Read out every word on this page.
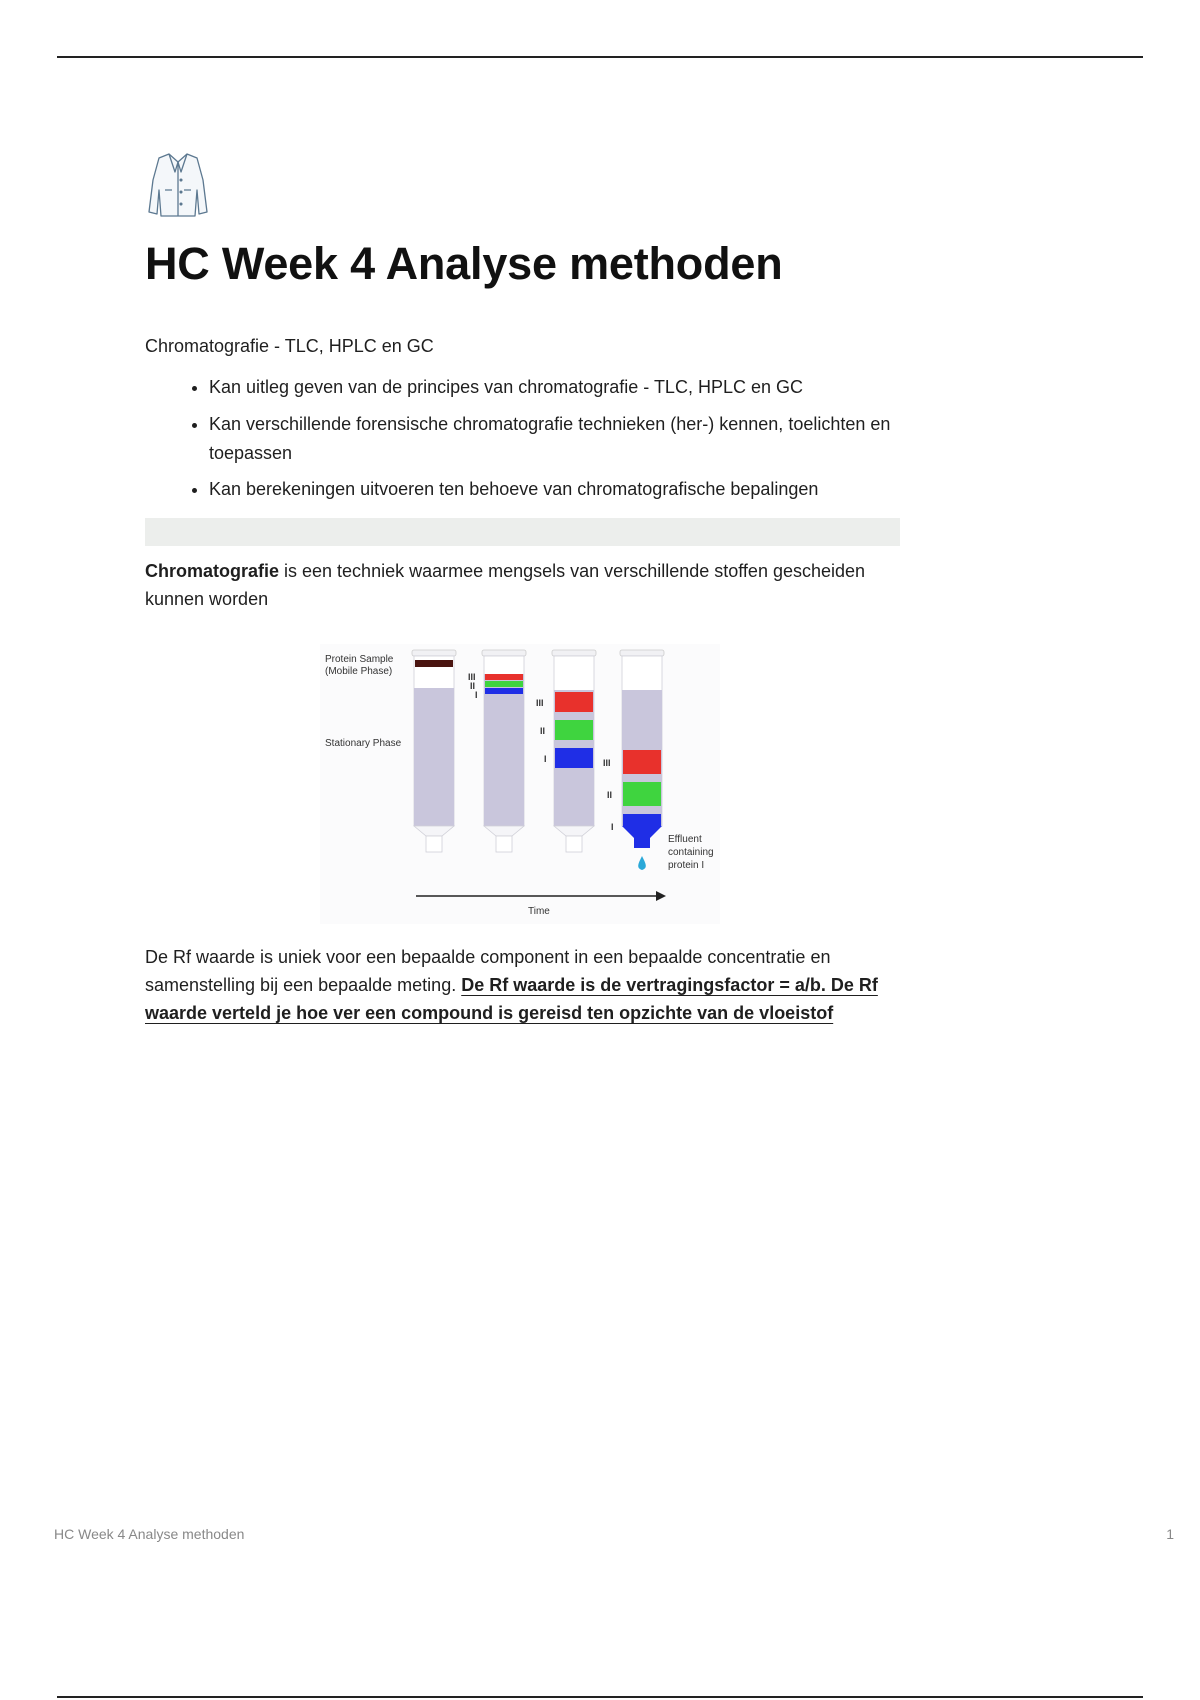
HC Week 4 Analyse methoden
Chromatografie - TLC, HPLC en GC
• Kan uitleg geven van de principes van chromatografie - TLC, HPLC en GC
• Kan verschillende forensische chromatografie technieken (her-) kennen, toelichten en toepassen
• Kan berekeningen uitvoeren ten behoeve van chromatografische bepalingen

Chromatografie is een techniek waarmee mengsels van verschillende stoffen gescheiden kunnen worden

Protein Sample
(Mobile Phase)
Stationary Phase
III
II
I
III
II
I	III
II
I
Effluent
containing
protein I
Time

De Rf waarde is uniek voor een bepaalde component in een bepaalde concentratie en samenstelling bij een bepaalde meting. De Rf waarde is de vertragingsfactor = a/b. De Rf waarde verteld je hoe ver een compound is gereisd ten opzichte van de vloeistof

HC Week 4 Analyse methoden	1
